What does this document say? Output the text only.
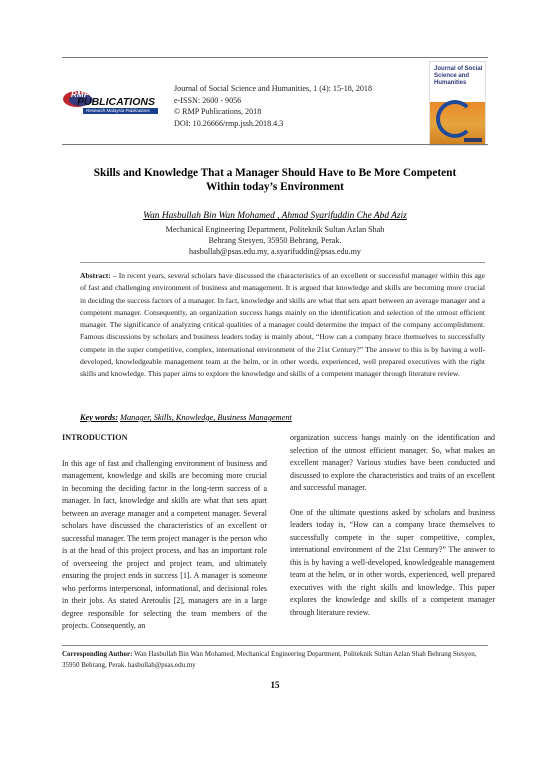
RMP
PUBLICATIONS
Research Malaysia Publications
Journal of Social Science and Humanities, 1 (4): 15-18, 2018
e-ISSN: 2600 - 9056
© RMP Publications, 2018
DOI: 10.26666/rmp.jssh.2018.4.3
Journal of Social Science and Humanities
Skills and Knowledge That a Manager Should Have to Be More Competent
Within today’s Environment
Wan Hasbullah Bin Wan Mohamed , Ahmad Syarifuddin Che Abd Aziz
Mechanical Engineering Department, Politeknik Sultan Azlan Shah
Behrang Stesyen, 35950 Behrang, Perak.
hasbullah@psas.edu.my, a.syarifuddin@psas.edu.my
Abstract: – In recent years, several scholars have discussed the characteristics of an excellent or successful manager within this age of fast and challenging environment of business and management. It is argued that knowledge and skills are becoming more crucial in deciding the success factors of a manager. In fact, knowledge and skills are what that sets apart between an average manager and a competent manager. Consequently, an organization success hangs mainly on the identification and selection of the utmost efficient manager. The significance of analyzing critical qualities of a manager could determine the impact of the company accomplishment. Famous discussions by scholars and business leaders today is mainly about, “How can a company brace themselves to successfully compete in the super competitive, complex, international environment of the 21st Century?” The answer to this is by having a well-developed, knowledgeable management team at the helm, or in other words, experienced, well prepared executives with the right skills and knowledge. This paper aims to explore the knowledge and skills of a competent manager through literature review.
Key words: Manager, Skills, Knowledge, Business Management
INTRODUCTION
In this age of fast and challenging environment of business and management, knowledge and skills are becoming more crucial in becoming the deciding factor in the long-term success of a manager. In fact, knowledge and skills are what that sets apart between an average manager and a competent manager. Several scholars have discussed the characteristics of an excellent or successful manager. The term project manager is the person who is at the head of this project process, and has an important role of overseeing the project and project team, and ultimately ensuring the project ends in success [1]. A manager is someone who performs interpersonal, informational, and decisional roles in their jobs. As stated Aretoulis [2], managers are in a large degree responsible for selecting the team members of the projects. Consequently, an
organization success hangs mainly on the identification and selection of the utmost efficient manager. So, what makes an excellent manager? Various studies have been conducted and discussed to explore the characteristics and traits of an excellent and successful manager.
One of the ultimate questions asked by scholars and business leaders today is, “How can a company brace themselves to successfully compete in the super competitive, complex, international environment of the 21st Century?” The answer to this is by having a well-developed, knowledgeable management team at the helm, or in other words, experienced, well prepared executives with the right skills and knowledge. This paper explores the knowledge and skills of a competent manager through literature review.
Corresponding Author: Wan Hasbullah Bin Wan Mohamed, Mechanical Engineering Department, Politeknik Sultan Azlan Shah Behrang Stesyen, 35950 Behrang, Perak. hasbullah@psas.edu.my
15
